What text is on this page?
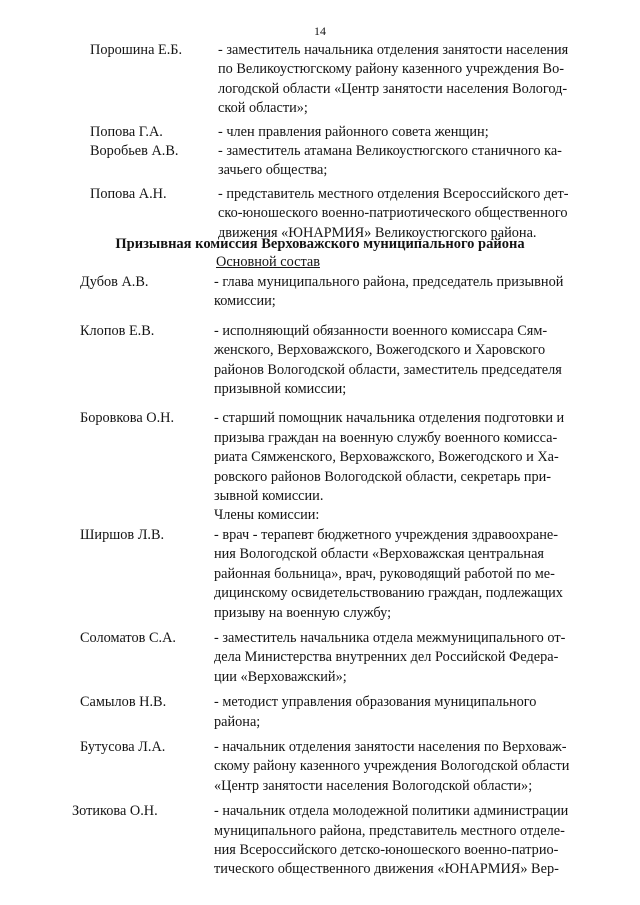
14
Порошина Е.Б.	- заместитель начальника отделения занятости населения
по Великоустюгскому району казенного учреждения Во-
логодской области «Центр занятости населения Вологод-
ской области»;
Попова Г.А.	- член правления районного совета женщин;
Воробьев А.В.	- заместитель атамана Великоустюгского станичного ка-
зачьего общества;
Попова А.Н.	- представитель местного отделения Всероссийского дет-
ско-юношеского военно-патриотического общественного
движения «ЮНАРМИЯ» Великоустюгского района.
Призывная комиссия Верховажского муниципального района
Основной состав
Дубов А.В.	- глава муниципального района, председатель призывной
комиссии;
Клопов Е.В.	- исполняющий обязанности военного комиссара Сям-
женского, Верховажского, Вожегодского и Харовского
районов Вологодской области, заместитель председателя
призывной комиссии;
Боровкова О.Н.	- старший помощник начальника отделения подготовки и
призыва граждан на военную службу военного комисса-
риата Сямженского, Верховажского, Вожегодского и Ха-
ровского районов Вологодской области, секретарь при-
зывной комиссии.
Члены комиссии:
Ширшов Л.В.	- врач - терапевт бюджетного учреждения здравоохране-
ния Вологодской области «Верховажская центральная
районная больница», врач, руководящий работой по ме-
дицинскому освидетельствованию граждан, подлежащих
призыву на военную службу;
Соломатов С.А.	- заместитель начальника отдела межмуниципального от-
дела Министерства внутренних дел Российской Федера-
ции «Верховажский»;
Самылов Н.В.	- методист управления образования муниципального
района;
Бутусова Л.А.	- начальник отделения занятости населения по Верховаж-
скому району казенного учреждения Вологодской области
«Центр занятости населения Вологодской области»;
Зотикова О.Н.	- начальник отдела молодежной политики администрации
муниципального района, представитель местного отделе-
ния Всероссийского детско-юношеского военно-патрио-
тического общественного движения «ЮНАРМИЯ» Вер-
